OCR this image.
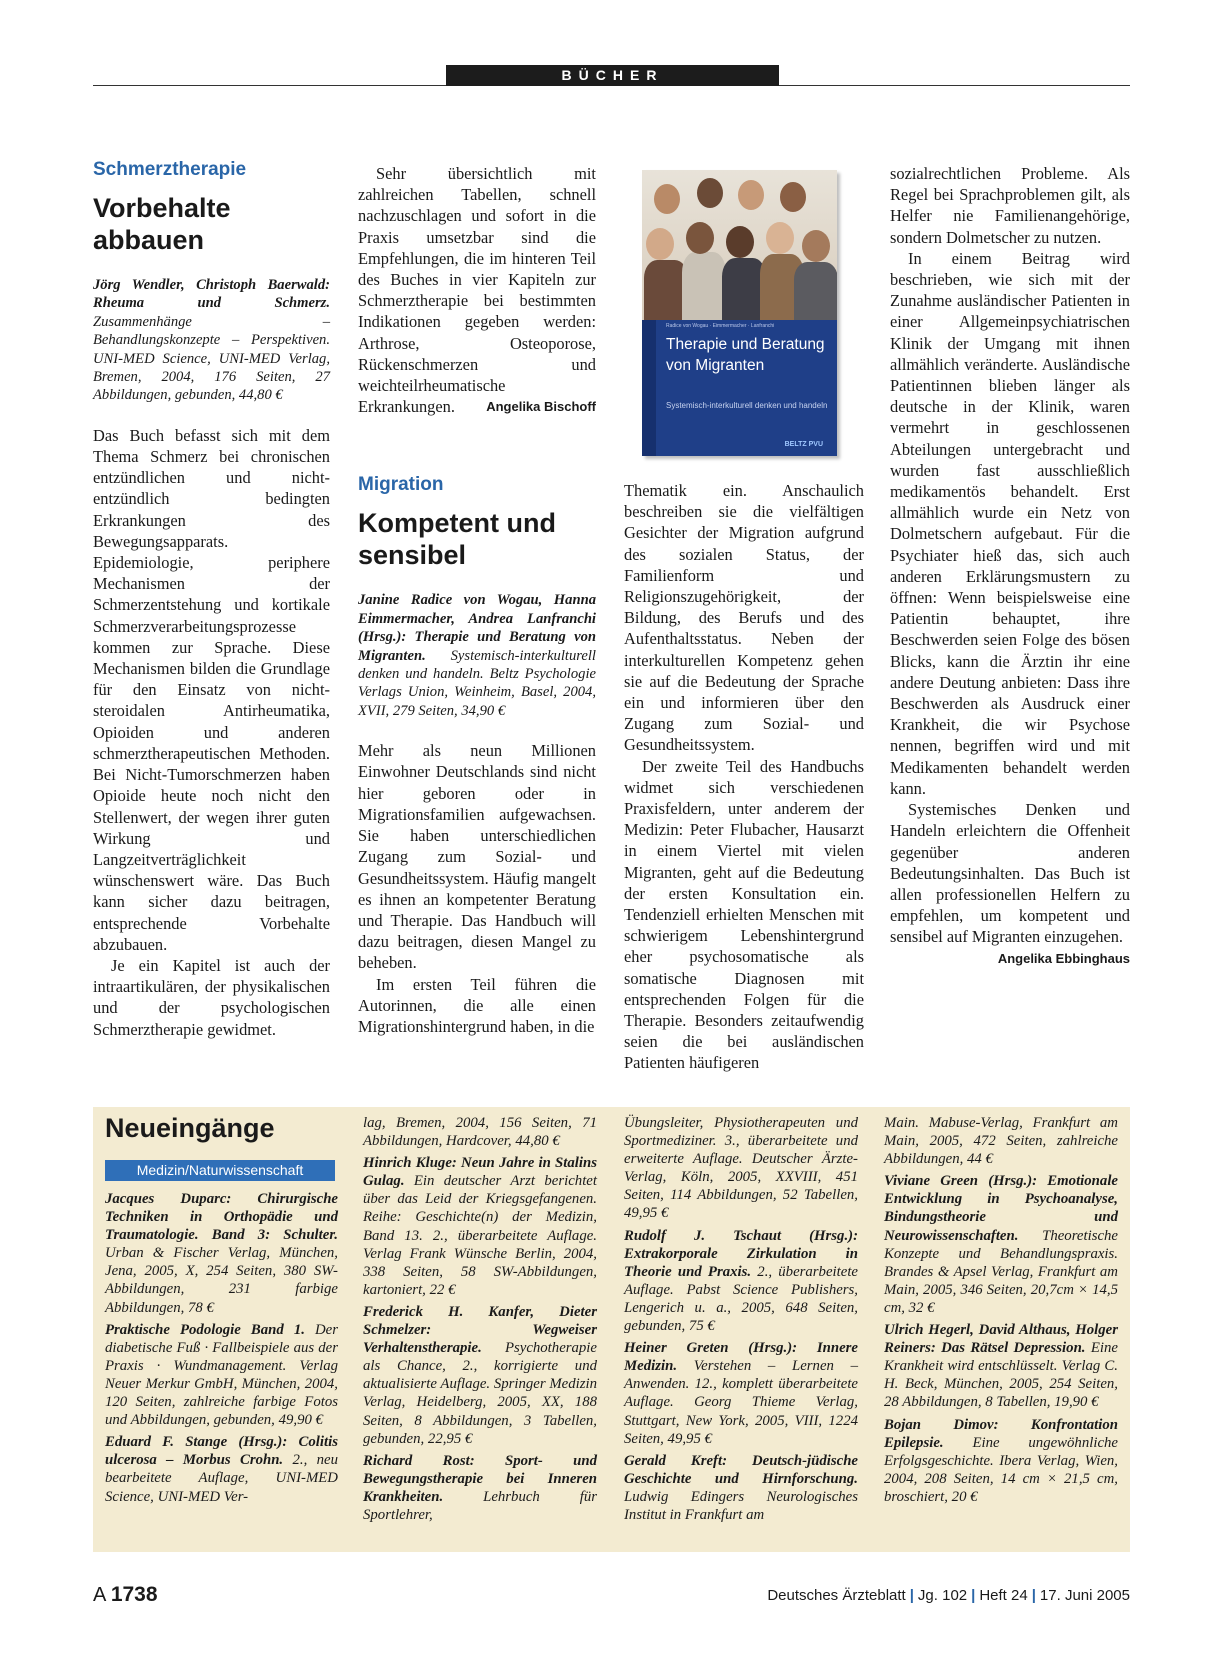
BÜCHER
Schmerztherapie
Vorbehalte abbauen
Jörg Wendler, Christoph Baerwald: Rheuma und Schmerz. Zusammenhänge – Behandlungskonzepte – Perspektiven. UNI-MED Science, UNI-MED Verlag, Bremen, 2004, 176 Seiten, 27 Abbildungen, gebunden, 44,80 €

Das Buch befasst sich mit dem Thema Schmerz bei chronischen entzündlichen und nicht-entzündlich bedingten Erkrankungen des Bewegungsapparats. Epidemiologie, periphere Mechanismen der Schmerzentstehung und kortikale Schmerzverarbeitungsprozesse kommen zur Sprache. Diese Mechanismen bilden die Grundlage für den Einsatz von nicht-steroidalen Antirheumatika, Opioiden und anderen schmerztherapeutischen Methoden. Bei Nicht-Tumorschmerzen haben Opioide heute noch nicht den Stellenwert, der wegen ihrer guten Wirkung und Langzeitverträglichkeit wünschenswert wäre. Das Buch kann sicher dazu beitragen, entsprechende Vorbehalte abzubauen.

Je ein Kapitel ist auch der intraartikulären, der physikalischen und der psychologischen Schmerztherapie gewidmet.

Sehr übersichtlich mit zahlreichen Tabellen, schnell nachzuschlagen und sofort in die Praxis umsetzbar sind die Empfehlungen, die im hinteren Teil des Buches in vier Kapiteln zur Schmerztherapie bei bestimmten Indikationen gegeben werden: Arthrose, Osteoporose, Rückenschmerzen und weichteilrheumatische Erkrankungen.	Angelika Bischoff

Migration
Kompetent und sensibel
Janine Radice von Wogau, Hanna Eimmermacher, Andrea Lanfranchi (Hrsg.): Therapie und Beratung von Migranten. Systemisch-interkulturell denken und handeln. Beltz Psychologie Verlags Union, Weinheim, Basel, 2004, XVII, 279 Seiten, 34,90 €

Mehr als neun Millionen Einwohner Deutschlands sind nicht hier geboren oder in Migrationsfamilien aufgewachsen. Sie haben unterschiedlichen Zugang zum Sozial- und Gesundheitssystem. Häufig mangelt es ihnen an kompetenter Beratung und Therapie. Das Handbuch will dazu beitragen, diesen Mangel zu beheben.

Im ersten Teil führen die Autorinnen, die alle einen Migrationshintergrund haben, in die

Radice von Wogau · Eimmermacher · Lanfranchi
Therapie und Beratung von Migranten
Systemisch-interkulturell denken und handeln
BELTZ PVU

Thematik ein. Anschaulich beschreiben sie die vielfältigen Gesichter der Migration aufgrund des sozialen Status, der Familienform und Religionszugehörigkeit, der Bildung, des Berufs und des Aufenthaltsstatus. Neben der interkulturellen Kompetenz gehen sie auf die Bedeutung der Sprache ein und informieren über den Zugang zum Sozial- und Gesundheitssystem.

Der zweite Teil des Handbuchs widmet sich verschiedenen Praxisfeldern, unter anderem der Medizin: Peter Flubacher, Hausarzt in einem Viertel mit vielen Migranten, geht auf die Bedeutung der ersten Konsultation ein. Tendenziell erhielten Menschen mit schwierigem Lebenshintergrund eher psychosomatische als somatische Diagnosen mit entsprechenden Folgen für die Therapie. Besonders zeitaufwendig seien die bei ausländischen Patienten häufigeren

sozialrechtlichen Probleme. Als Regel bei Sprachproblemen gilt, als Helfer nie Familienangehörige, sondern Dolmetscher zu nutzen.

In einem Beitrag wird beschrieben, wie sich mit der Zunahme ausländischer Patienten in einer Allgemeinpsychiatrischen Klinik der Umgang mit ihnen allmählich veränderte. Ausländische Patientinnen blieben länger als deutsche in der Klinik, waren vermehrt in geschlossenen Abteilungen untergebracht und wurden fast ausschließlich medikamentös behandelt. Erst allmählich wurde ein Netz von Dolmetschern aufgebaut. Für die Psychiater hieß das, sich auch anderen Erklärungsmustern zu öffnen: Wenn beispielsweise eine Patientin behauptet, ihre Beschwerden seien Folge des bösen Blicks, kann die Ärztin ihr eine andere Deutung anbieten: Dass ihre Beschwerden als Ausdruck einer Krankheit, die wir Psychose nennen, begriffen wird und mit Medikamenten behandelt werden kann.

Systemisches Denken und Handeln erleichtern die Offenheit gegenüber anderen Bedeutungsinhalten. Das Buch ist allen professionellen Helfern zu empfehlen, um kompetent und sensibel auf Migranten einzugehen.
Angelika Ebbinghaus

Neueingänge
Medizin/Naturwissenschaft

Jacques Duparc: Chirurgische Techniken in Orthopädie und Traumatologie. Band 3: Schulter. Urban & Fischer Verlag, München, Jena, 2005, X, 254 Seiten, 380 SW-Abbildungen, 231 farbige Abbildungen, 78 €

Praktische Podologie Band 1. Der diabetische Fuß · Fallbeispiele aus der Praxis · Wundmanagement. Verlag Neuer Merkur GmbH, München, 2004, 120 Seiten, zahlreiche farbige Fotos und Abbildungen, gebunden, 49,90 €

Eduard F. Stange (Hrsg.): Colitis ulcerosa – Morbus Crohn. 2., neu bearbeitete Auflage, UNI-MED Science, UNI-MED Ver-

lag, Bremen, 2004, 156 Seiten, 71 Abbildungen, Hardcover, 44,80 €

Hinrich Kluge: Neun Jahre in Stalins Gulag. Ein deutscher Arzt berichtet über das Leid der Kriegsgefangenen. Reihe: Geschichte(n) der Medizin, Band 13. 2., überarbeitete Auflage. Verlag Frank Wünsche Berlin, 2004, 338 Seiten, 58 SW-Abbildungen, kartoniert, 22 €

Frederick H. Kanfer, Dieter Schmelzer: Wegweiser Verhaltenstherapie. Psychotherapie als Chance, 2., korrigierte und aktualisierte Auflage. Springer Medizin Verlag, Heidelberg, 2005, XX, 188 Seiten, 8 Abbildungen, 3 Tabellen, gebunden, 22,95 €

Richard Rost: Sport- und Bewegungstherapie bei Inneren Krankheiten. Lehrbuch für Sportlehrer,

Übungsleiter, Physiotherapeuten und Sportmediziner. 3., überarbeitete und erweiterte Auflage. Deutscher Ärzte-Verlag, Köln, 2005, XXVIII, 451 Seiten, 114 Abbildungen, 52 Tabellen, 49,95 €

Rudolf J. Tschaut (Hrsg.): Extrakorporale Zirkulation in Theorie und Praxis. 2., überarbeitete Auflage. Pabst Science Publishers, Lengerich u. a., 2005, 648 Seiten, gebunden, 75 €

Heiner Greten (Hrsg.): Innere Medizin. Verstehen – Lernen – Anwenden. 12., komplett überarbeitete Auflage. Georg Thieme Verlag, Stuttgart, New York, 2005, VIII, 1224 Seiten, 49,95 €

Gerald Kreft: Deutsch-jüdische Geschichte und Hirnforschung. Ludwig Edingers Neurologisches Institut in Frankfurt am

Main. Mabuse-Verlag, Frankfurt am Main, 2005, 472 Seiten, zahlreiche Abbildungen, 44 €

Viviane Green (Hrsg.): Emotionale Entwicklung in Psychoanalyse, Bindungstheorie und Neurowissenschaften. Theoretische Konzepte und Behandlungspraxis. Brandes & Apsel Verlag, Frankfurt am Main, 2005, 346 Seiten, 20,7cm × 14,5 cm, 32 €

Ulrich Hegerl, David Althaus, Holger Reiners: Das Rätsel Depression. Eine Krankheit wird entschlüsselt. Verlag C. H. Beck, München, 2005, 254 Seiten, 28 Abbildungen, 8 Tabellen, 19,90 €

Bojan Dimov: Konfrontation Epilepsie. Eine ungewöhnliche Erfolgsgeschichte. Ibera Verlag, Wien, 2004, 208 Seiten, 14 cm × 21,5 cm, broschiert, 20 €

A 1738	Deutsches Ärzteblatt | Jg. 102 | Heft 24 | 17. Juni 2005
